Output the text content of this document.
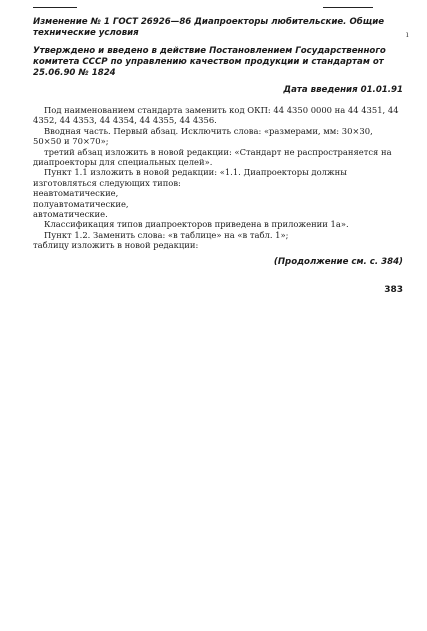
ı

Изменение № 1 ГОСТ 26926—86 Диапроекторы любительские. Общие технические условия

Утверждено и введено в действие Постановлением Государственного комитета СССР по управлению качеством продукции и стандартам от 25.06.90 № 1824

Дата введения 01.01.91

Под наименованием стандарта заменить код ОКП: 44 4350 0000 на 44 4351, 44 4352, 44 4353, 44 4354, 44 4355, 44 4356.

Вводная часть. Первый абзац. Исключить слова: «размерами, мм: 30×30, 50×50 и 70×70»;

третий абзац изложить в новой редакции: «Стандарт не распространяется на диапроекторы для специальных целей».

Пункт 1.1 изложить в новой редакции: «1.1. Диапроекторы должны изготовляться следующих типов:

неавтоматические,

полуавтоматические,

автоматические.

Классификация типов диапроекторов приведена в приложении 1а».

Пункт 1.2. Заменить слова: «в таблице» на «в табл. 1»;

таблицу изложить в новой редакции:

(Продолжение см. с. 384)
383
